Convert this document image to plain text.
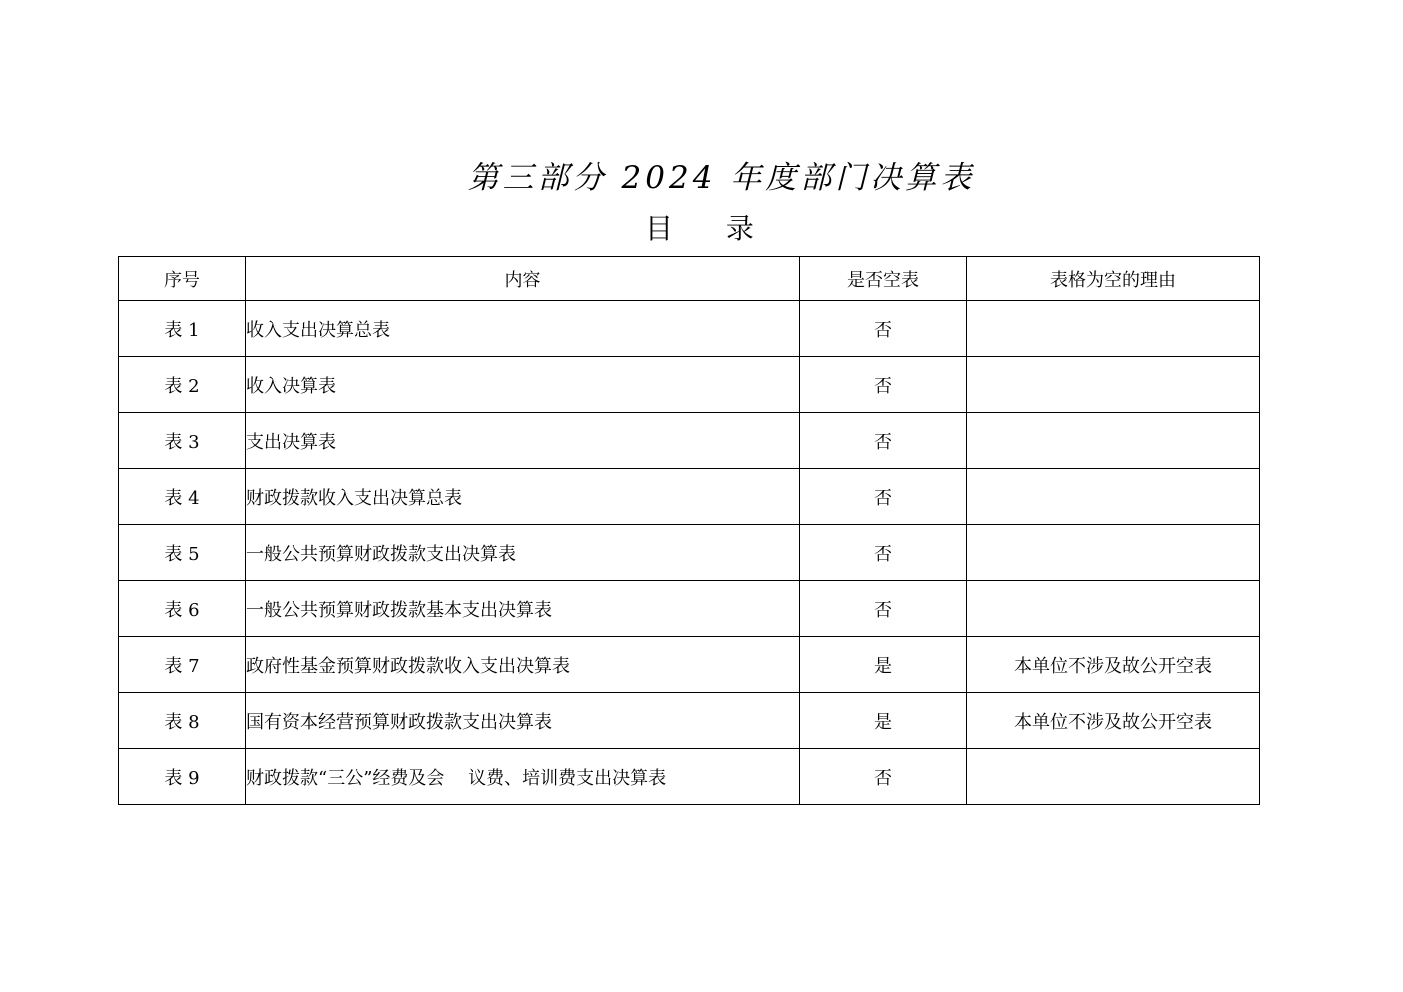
第三部分 2024 年度部门决算表
目 录
序号	内容	是否空表	表格为空的理由
表 1	收入支出决算总表	否	
表 2	收入决算表	否	
表 3	支出决算表	否	
表 4	财政拨款收入支出决算总表	否	
表 5	一般公共预算财政拨款支出决算表	否	
表 6	一般公共预算财政拨款基本支出决算表	否	
表 7	政府性基金预算财政拨款收入支出决算表	是	本单位不涉及故公开空表
表 8	国有资本经营预算财政拨款支出决算表	是	本单位不涉及故公开空表
表 9	财政拨款“三公”经费及会　 议费、培训费支出决算表	否	
